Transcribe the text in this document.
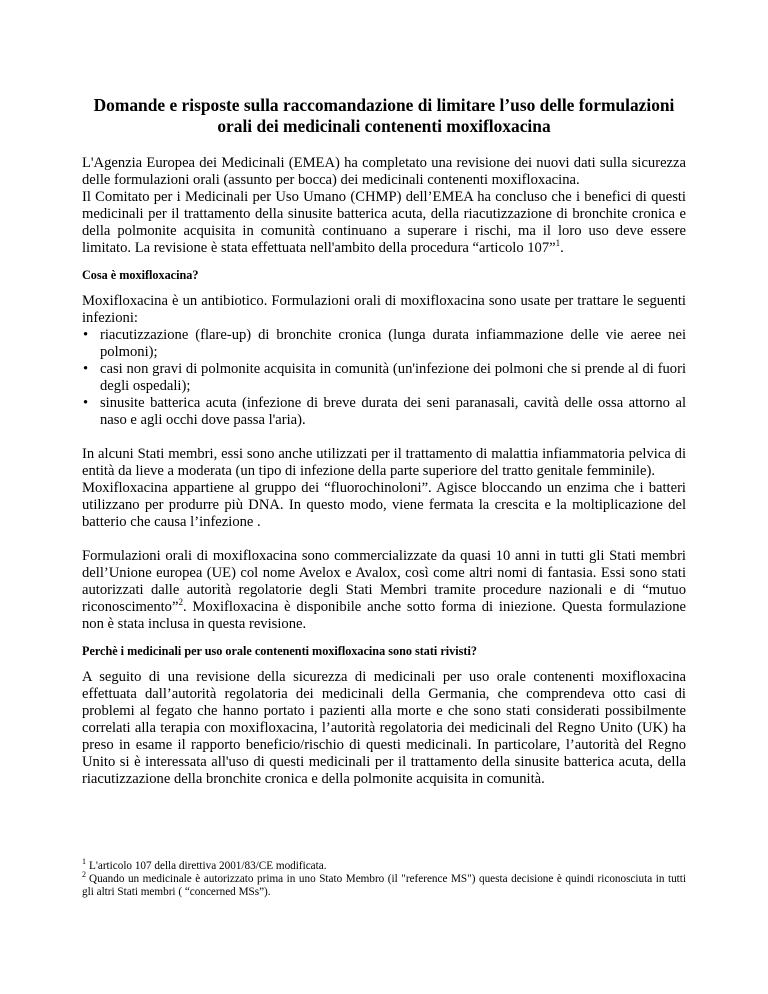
Domande e risposte sulla raccomandazione di limitare l’uso delle formulazioni
orali dei medicinali contenenti moxifloxacina

L'Agenzia Europea dei Medicinali (EMEA) ha completato una revisione dei nuovi dati sulla sicurezza delle formulazioni orali (assunto per bocca) dei medicinali contenenti moxifloxacina.

Il Comitato per i Medicinali per Uso Umano (CHMP) dell’EMEA ha concluso che i benefici di questi medicinali per il trattamento della sinusite batterica acuta, della riacutizzazione di bronchite cronica e della polmonite acquisita in comunità continuano a superare i rischi, ma il loro uso deve essere limitato. La revisione è stata effettuata nell'ambito della procedura “articolo 107”$^1$.

Cosa è moxifloxacina?

Moxifloxacina è un antibiotico. Formulazioni orali di moxifloxacina sono usate per trattare le seguenti infezioni:

• riacutizzazione (flare-up) di bronchite cronica (lunga durata infiammazione delle vie aeree nei polmoni);
• casi non gravi di polmonite acquisita in comunità (un'infezione dei polmoni che si prende al di fuori degli ospedali);
• sinusite batterica acuta (infezione di breve durata dei seni paranasali, cavità delle ossa attorno al naso e agli occhi dove passa l'aria).

In alcuni Stati membri, essi sono anche utilizzati per il trattamento di malattia infiammatoria pelvica di entità da lieve a moderata (un tipo di infezione della parte superiore del tratto genitale femminile).

Moxifloxacina appartiene al gruppo dei “fluorochinoloni”. Agisce bloccando un enzima che i batteri utilizzano per produrre più DNA. In questo modo, viene fermata la crescita e la moltiplicazione del batterio che causa l’infezione .

Formulazioni orali di moxifloxacina sono commercializzate da quasi 10 anni in tutti gli Stati membri dell’Unione europea (UE) col nome Avelox e Avalox, così come altri nomi di fantasia. Essi sono stati autorizzati dalle autorità regolatorie degli Stati Membri tramite procedure nazionali e di “mutuo riconoscimento”$^2$. Moxifloxacina è disponibile anche sotto forma di iniezione. Questa formulazione non è stata inclusa in questa revisione.

Perchè i medicinali per uso orale contenenti moxifloxacina sono stati rivisti?

A seguito di una revisione della sicurezza di medicinali per uso orale contenenti moxifloxacina effettuata dall’autorità regolatoria dei medicinali della Germania, che comprendeva otto casi di problemi al fegato che hanno portato i pazienti alla morte e che sono stati considerati possibilmente correlati alla terapia con moxifloxacina, l’autorità regolatoria dei medicinali del Regno Unito (UK) ha preso in esame il rapporto beneficio/rischio di questi medicinali. In particolare, l’autorità del Regno Unito si è interessata all'uso di questi medicinali per il trattamento della sinusite batterica acuta, della riacutizzazione della bronchite cronica e della polmonite acquisita in comunità.

$^1$ L'articolo 107 della direttiva 2001/83/CE modificata.

$^2$ Quando un medicinale è autorizzato prima in uno Stato Membro (il "reference MS") questa decisione è quindi riconosciuta in tutti gli altri Stati membri ( “concerned MSs”).
